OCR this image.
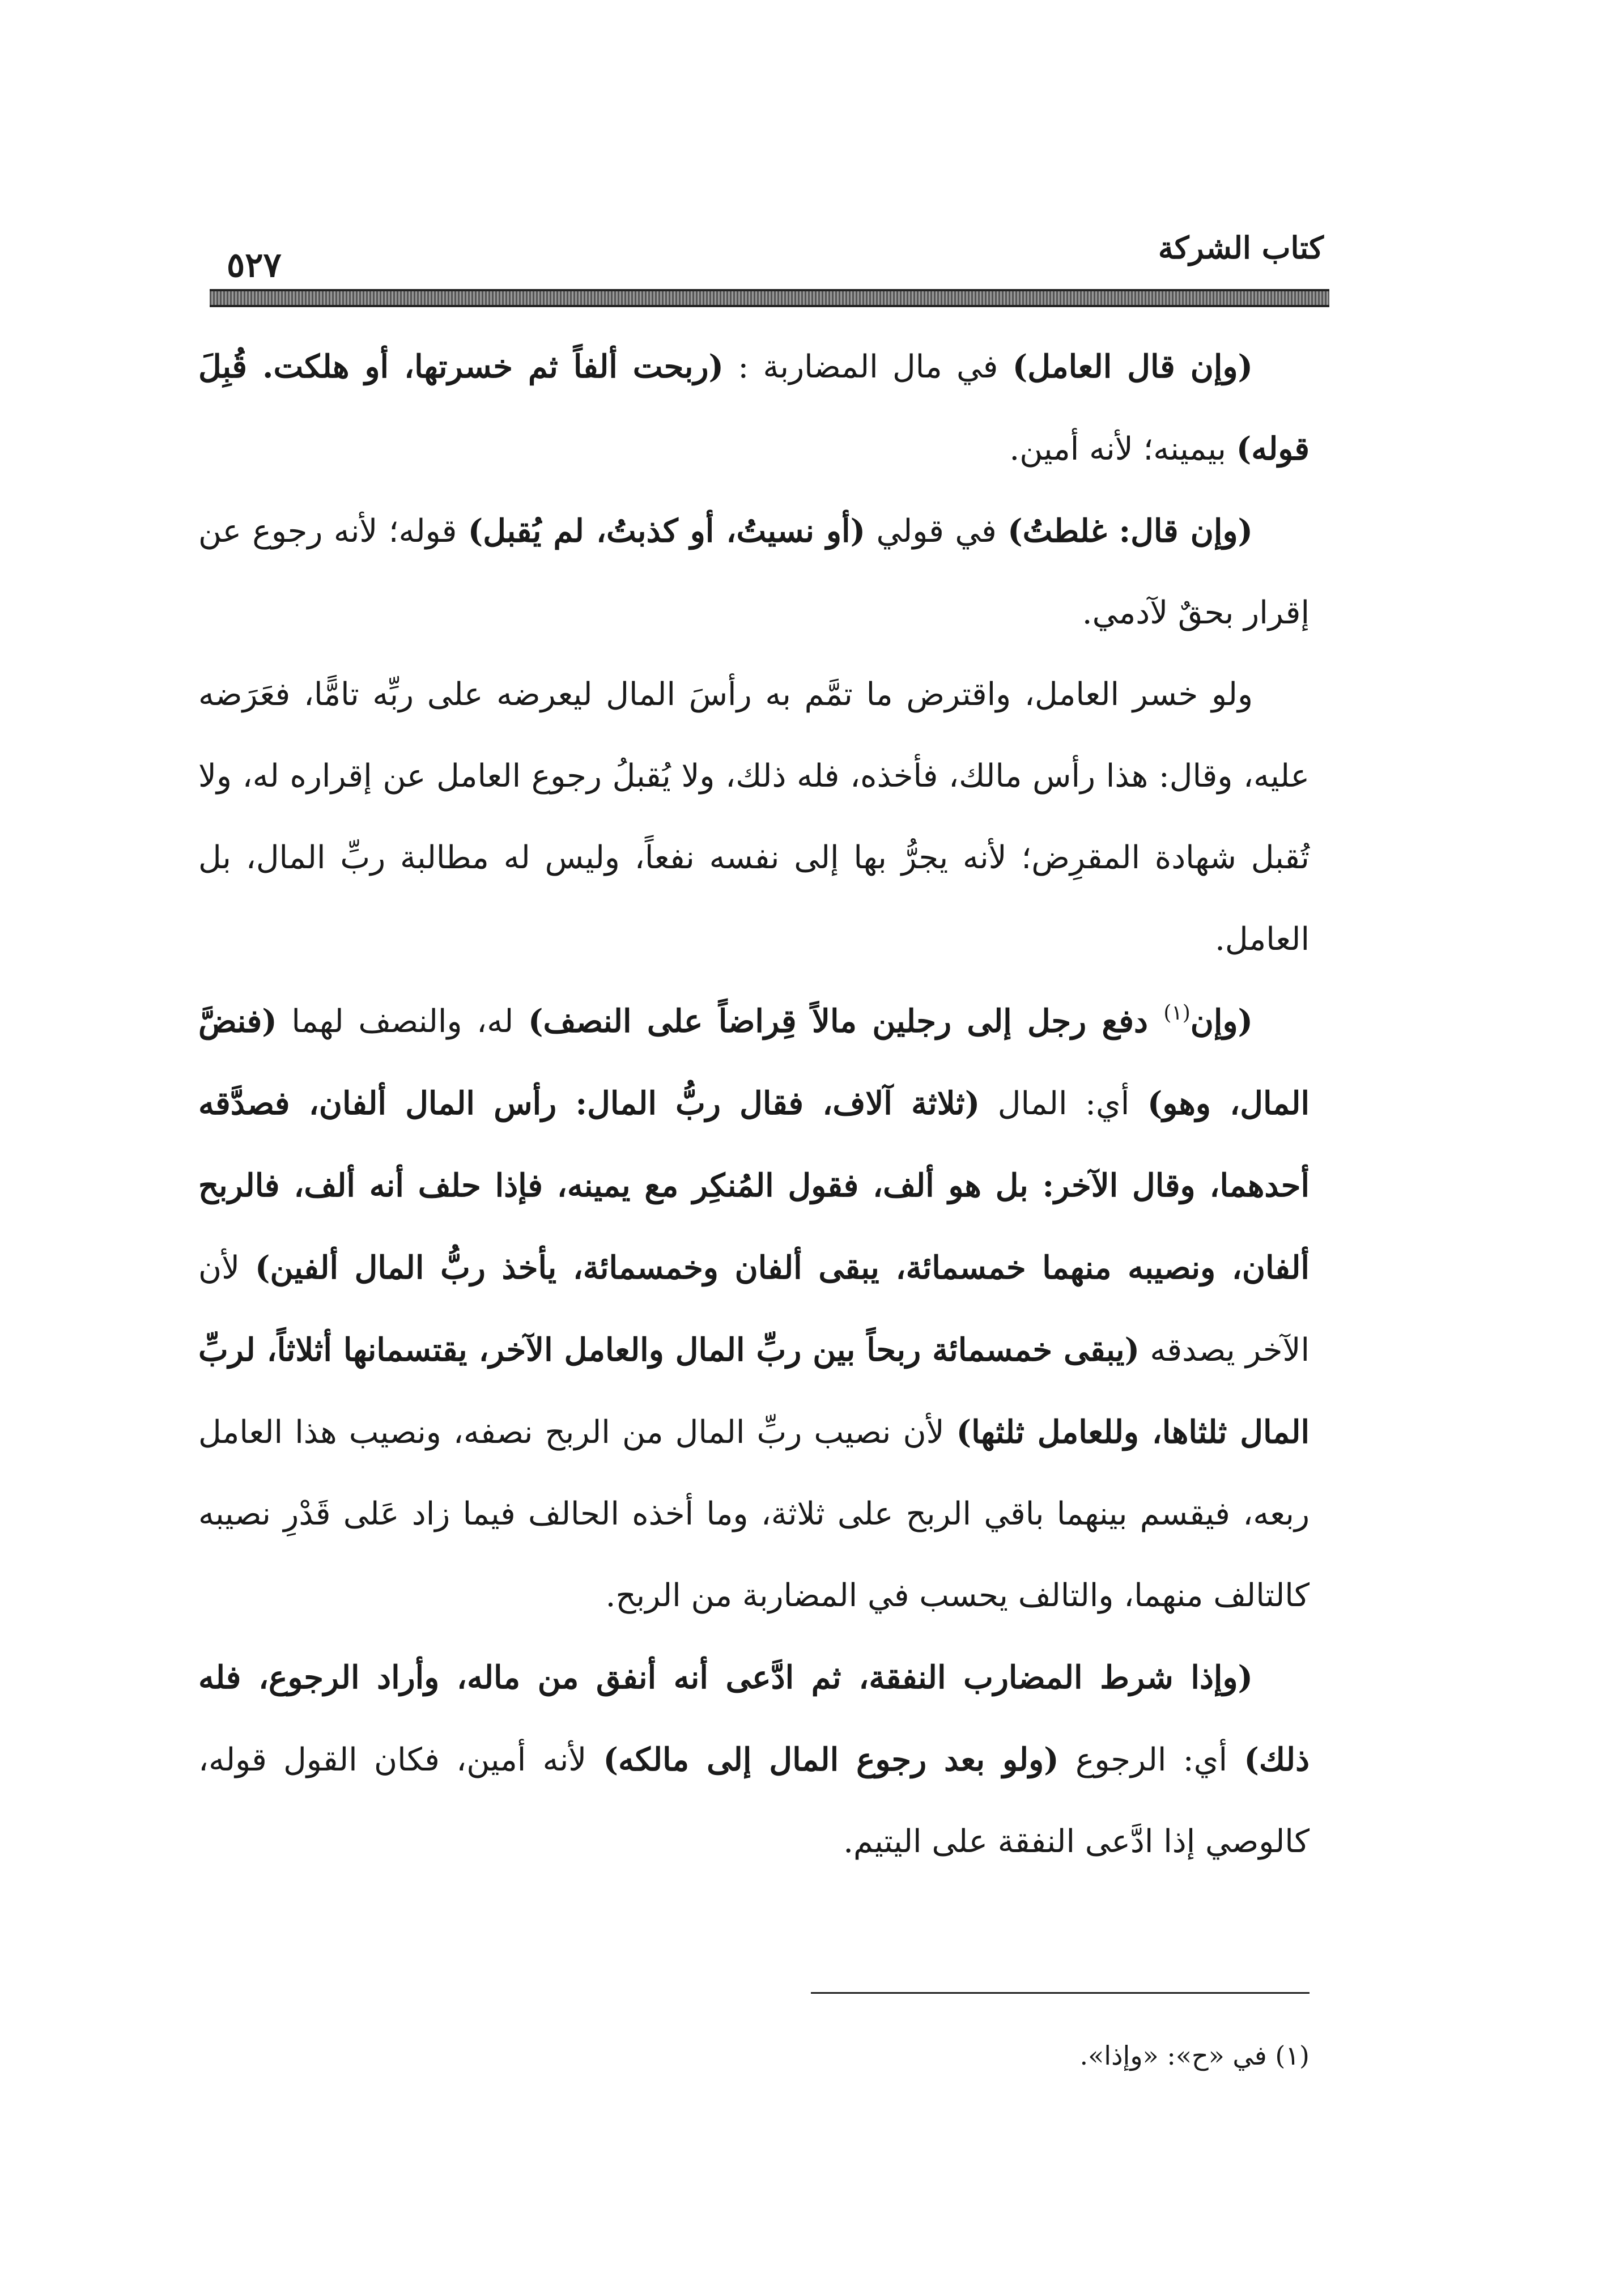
كتاب الشركة
٥٢٧

(وإن قال العامل) في مال المضاربة : (ربحت ألفاً ثم خسرتها، أو هلكت. قُبِلَ قوله) بيمينه؛ لأنه أمين.

(وإن قال: غلطتُ) في قولي (أو نسيتُ، أو كذبتُ، لم يُقبل) قوله؛ لأنه رجوع عن إقرار بحقٌ لآدمي.

ولو خسر العامل، واقترض ما تمَّم به رأسَ المال ليعرضه على ربِّه تامًّا، فعَرَضه عليه، وقال: هذا رأس مالك، فأخذه، فله ذلك، ولا يُقبلُ رجوع العامل عن إقراره له، ولا تُقبل شهادة المقرِض؛ لأنه يجرُّ بها إلى نفسه نفعاً، وليس له مطالبة ربِّ المال، بل العامل.

(وإن$^{(١)}$ دفع رجل إلى رجلين مالاً قِراضاً على النصف) له، والنصف لهما (فنضَّ المال، وهو) أي: المال (ثلاثة آلاف، فقال ربُّ المال: رأس المال ألفان، فصدَّقه أحدهما، وقال الآخر: بل هو ألف، فقول المُنكِر مع يمينه، فإذا حلف أنه ألف، فالربح ألفان، ونصيبه منهما خمسمائة، يبقى ألفان وخمسمائة، يأخذ ربُّ المال ألفين) لأن الآخر يصدقه (يبقى خمسمائة ربحاً بين ربِّ المال والعامل الآخر، يقتسمانها أثلاثاً، لربِّ المال ثلثاها، وللعامل ثلثها) لأن نصيب ربِّ المال من الربح نصفه، ونصيب هذا العامل ربعه، فيقسم بينهما باقي الربح على ثلاثة، وما أخذه الحالف فيما زاد عَلى قَدْرِ نصيبه كالتالف منهما، والتالف يحسب في المضاربة من الربح.

(وإذا شرط المضارب النفقة، ثم ادَّعى أنه أنفق من ماله، وأراد الرجوع، فله ذلك) أي: الرجوع (ولو بعد رجوع المال إلى مالكه) لأنه أمين، فكان القول قوله، كالوصي إذا ادَّعى النفقة على اليتيم.

(١) في «ح»: «وإذا».
